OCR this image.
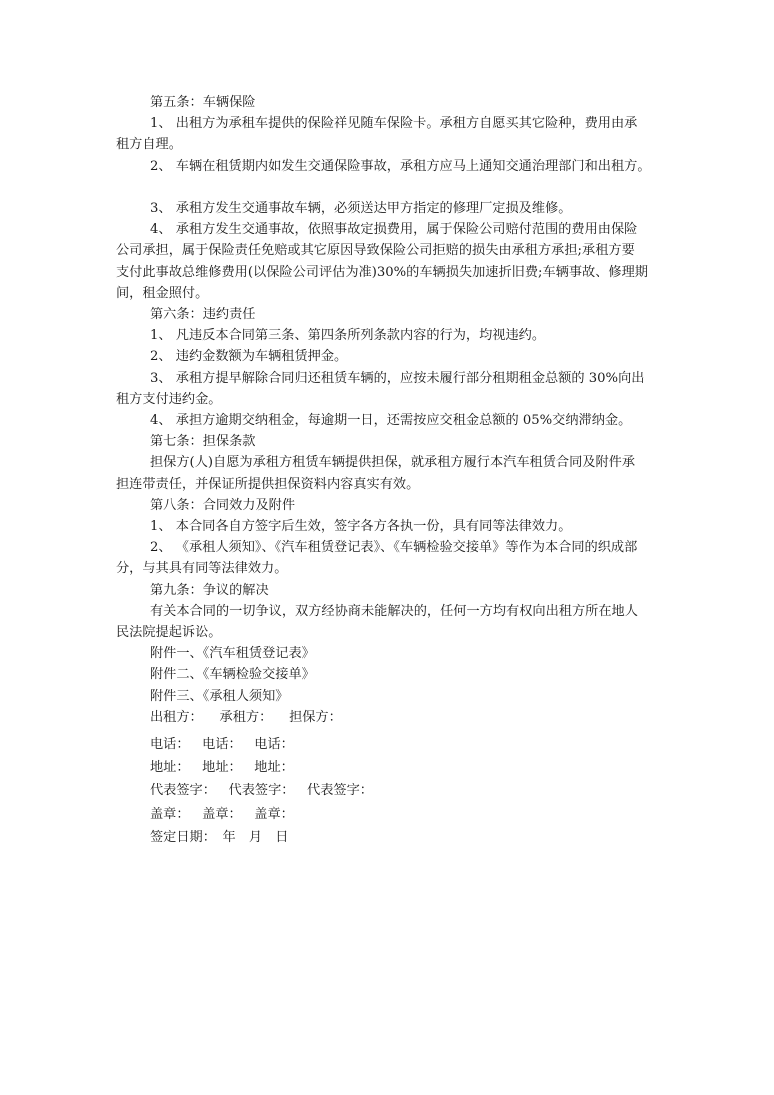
第五条：车辆保险
1、 出租方为承租车提供的保险祥见随车保险卡。承租方自愿买其它险种，费用由承
租方自理。
2、 车辆在租赁期内如发生交通保险事故，承租方应马上通知交通治理部门和出租方。
3、 承租方发生交通事故车辆，必须送达甲方指定的修理厂定损及维修。
4、 承租方发生交通事故，依照事故定损费用，属于保险公司赔付范围的费用由保险
公司承担，属于保险责任免赔或其它原因导致保险公司拒赔的损失由承租方承担;承租方要
支付此事故总维修费用(以保险公司评估为准)30%的车辆损失加速折旧费;车辆事故、修理期
间，租金照付。
第六条：违约责任
1、 凡违反本合同第三条、第四条所列条款内容的行为，均视违约。
2、 违约金数额为车辆租赁押金。
3、 承租方提早解除合同归还租赁车辆的，应按未履行部分租期租金总额的 30%向出
租方支付违约金。
4、 承担方逾期交纳租金，每逾期一日，还需按应交租金总额的 05%交纳滞纳金。
第七条：担保条款
担保方(人)自愿为承租方租赁车辆提供担保，就承租方履行本汽车租赁合同及附件承
担连带责任，并保证所提供担保资料内容真实有效。
第八条：合同效力及附件
1、 本合同各自方签字后生效，签字各方各执一份，具有同等法律效力。
2、 《承租人须知》、《汽车租赁登记表》、《车辆检验交接单》等作为本合同的织成部
分，与其具有同等法律效力。
第九条：争议的解决
有关本合同的一切争议，双方经协商未能解决的，任何一方均有权向出租方所在地人
民法院提起诉讼。
附件一、《汽车租赁登记表》
附件二、《车辆检验交接单》
附件三、《承租人须知》
出租方： 承租方： 担保方：
电话： 电话： 电话：
地址： 地址： 地址：
代表签字： 代表签字： 代表签字：
盖章： 盖章： 盖章：
签定日期：　年　月　日
